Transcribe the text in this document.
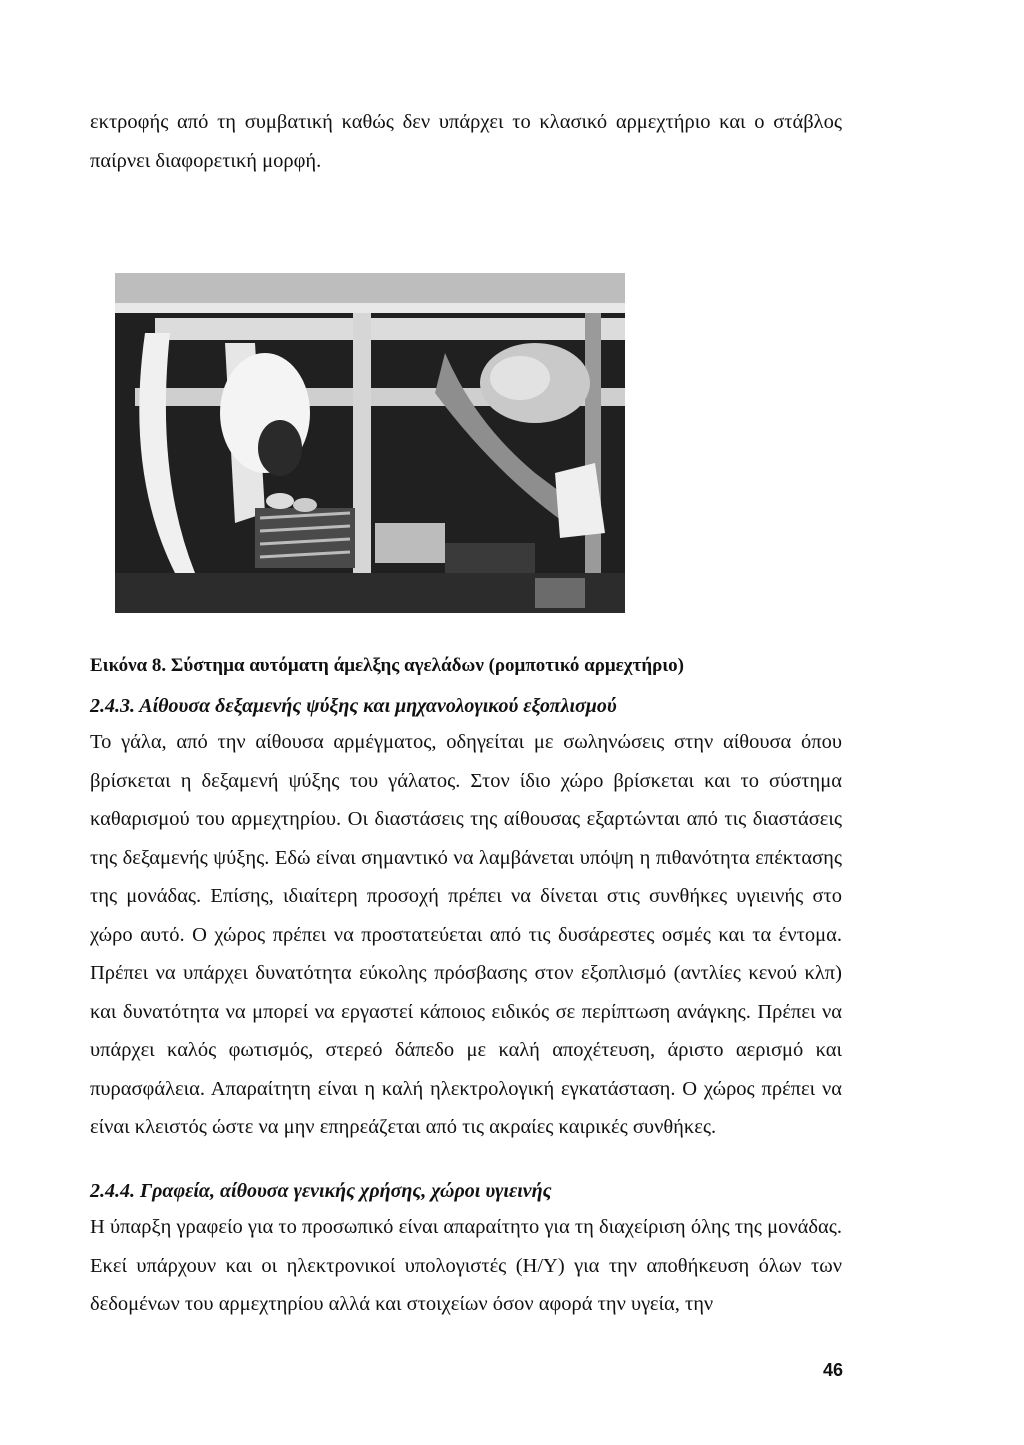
εκτροφής από τη συμβατική καθώς δεν υπάρχει το κλασικό αρμεχτήριο και ο στάβλος παίρνει διαφορετική μορφή.

Εικόνα 8. Σύστημα αυτόματη άμελξης αγελάδων (ρομποτικό αρμεχτήριο)

2.4.3. Αίθουσα δεξαμενής ψύξης και μηχανολογικού εξοπλισμού

Το γάλα, από την αίθουσα αρμέγματος, οδηγείται με σωληνώσεις στην αίθουσα όπου βρίσκεται η δεξαμενή ψύξης του γάλατος. Στον ίδιο χώρο βρίσκεται και το σύστημα καθαρισμού του αρμεχτηρίου. Οι διαστάσεις της αίθουσας εξαρτώνται από τις διαστάσεις της δεξαμενής ψύξης. Εδώ είναι σημαντικό να λαμβάνεται υπόψη η πιθανότητα επέκτασης της μονάδας. Επίσης, ιδιαίτερη προσοχή πρέπει να δίνεται στις συνθήκες υγιεινής στο χώρο αυτό. Ο χώρος πρέπει να προστατεύεται από τις δυσάρεστες οσμές και τα έντομα. Πρέπει να υπάρχει δυνατότητα εύκολης πρόσβασης στον εξοπλισμό (αντλίες κενού κλπ) και δυνατότητα να μπορεί να εργαστεί κάποιος ειδικός σε περίπτωση ανάγκης. Πρέπει να υπάρχει καλός φωτισμός, στερεό δάπεδο με καλή αποχέτευση, άριστο αερισμό και πυρασφάλεια. Απαραίτητη είναι η καλή ηλεκτρολογική εγκατάσταση. Ο χώρος πρέπει να είναι κλειστός ώστε να μην επηρεάζεται από τις ακραίες καιρικές συνθήκες.

2.4.4. Γραφεία, αίθουσα γενικής χρήσης, χώροι υγιεινής

Η ύπαρξη γραφείο για το προσωπικό είναι απαραίτητο για τη διαχείριση όλης της μονάδας. Εκεί υπάρχουν και οι ηλεκτρονικοί υπολογιστές (Η/Υ) για την αποθήκευση όλων των δεδομένων του αρμεχτηρίου αλλά και στοιχείων όσον αφορά την υγεία, την

46
